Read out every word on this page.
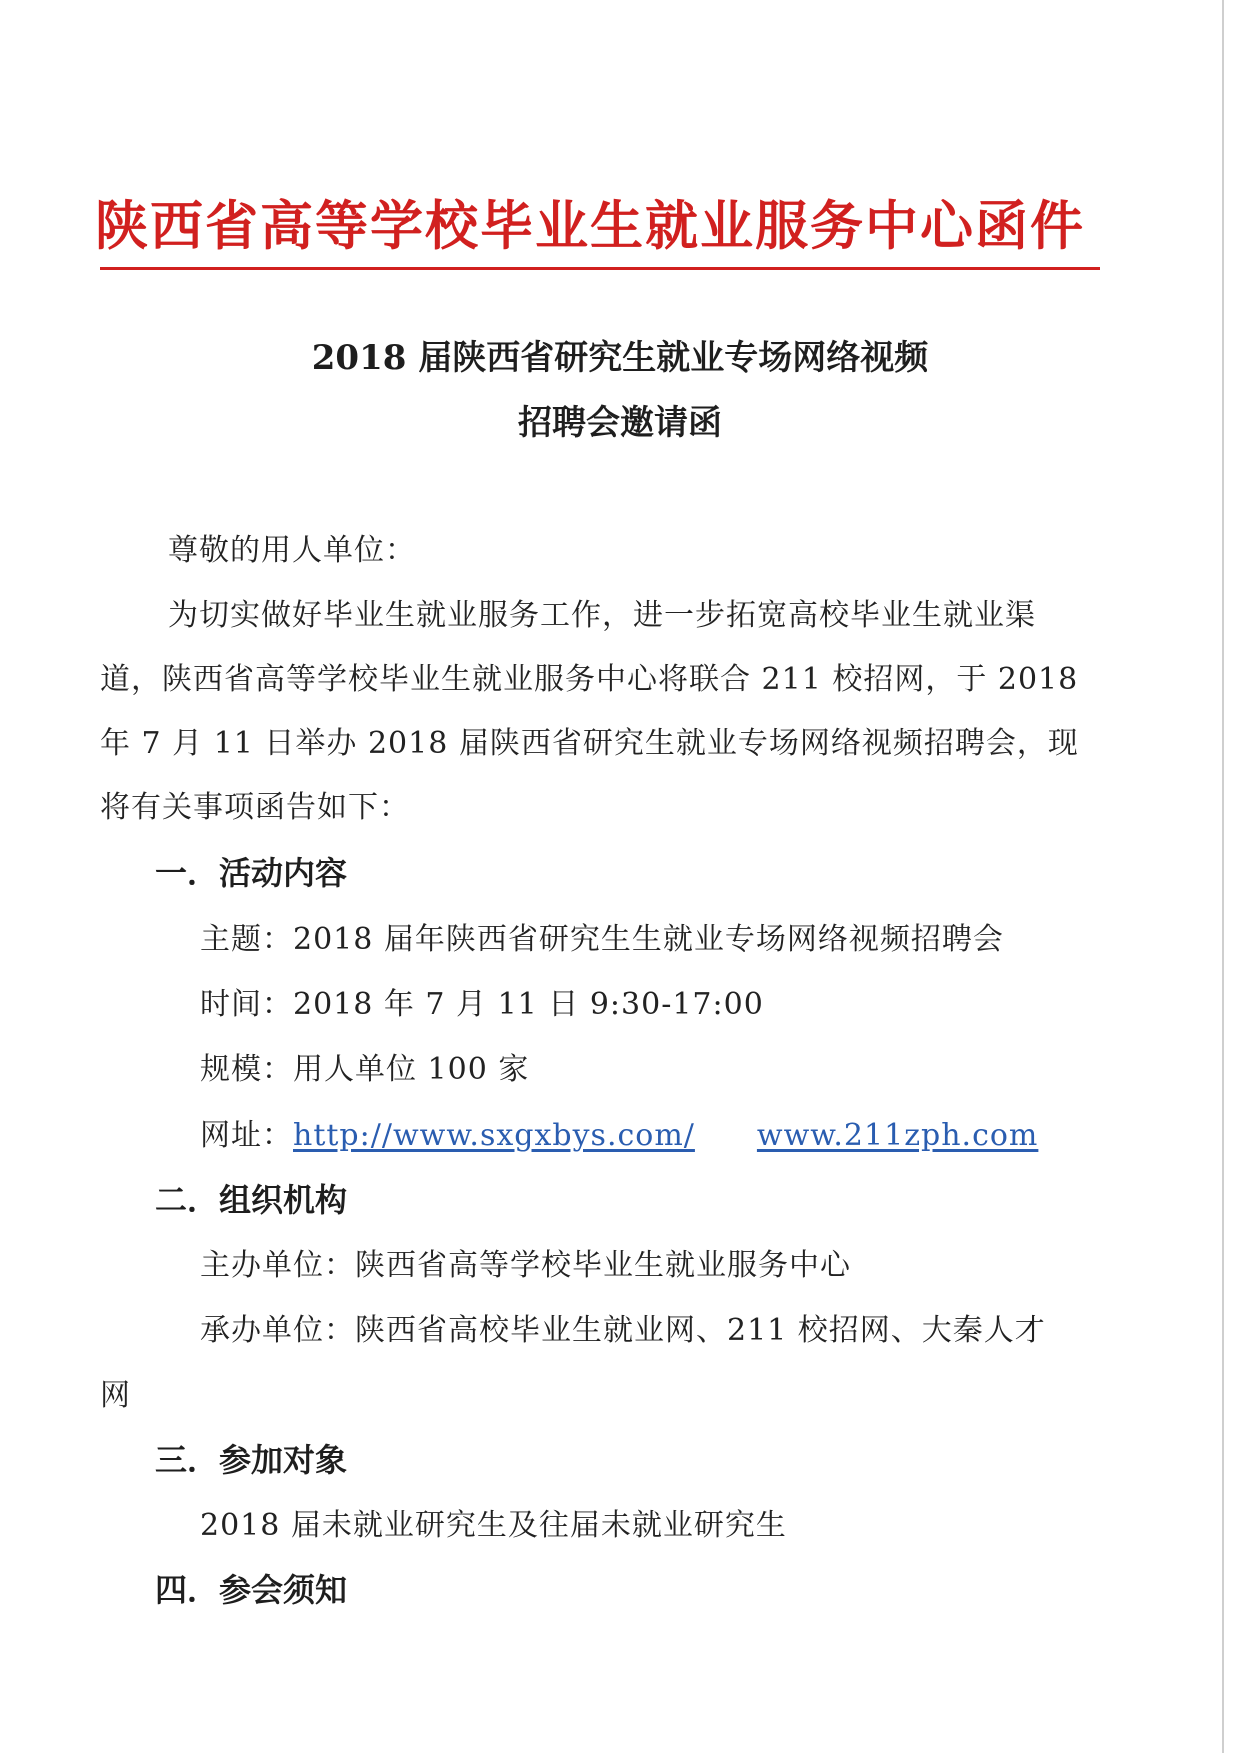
陕西省高等学校毕业生就业服务中心函件
2018 届陕西省研究生就业专场网络视频
招聘会邀请函
尊敬的用人单位：
为切实做好毕业生就业服务工作，进一步拓宽高校毕业生就业渠
道，陕西省高等学校毕业生就业服务中心将联合 211 校招网，于 2018
年 7 月 11 日举办 2018 届陕西省研究生就业专场网络视频招聘会，现
将有关事项函告如下：
一．活动内容
主题：2018 届年陕西省研究生生就业专场网络视频招聘会
时间：2018 年 7 月 11 日 9:30-17:00
规模：用人单位 100 家
网址：http://www.sxgxbys.com/ www.211zph.com
二．组织机构
主办单位：陕西省高等学校毕业生就业服务中心
承办单位：陕西省高校毕业生就业网、211 校招网、大秦人才
网
三．参加对象
2018 届未就业研究生及往届未就业研究生
四．参会须知
